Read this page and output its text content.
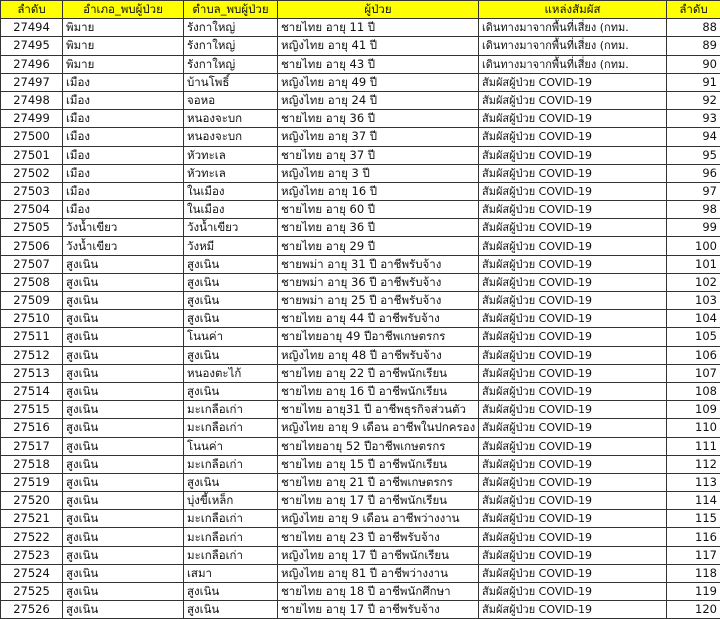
ลำดับ	อำเภอ_พบผู้ป่วย	ตำบล_พบผู้ป่วย	ผู้ป่วย	แหล่งสัมผัส	ลำดับ
27494	พิมาย	รังกาใหญ่	ชายไทย อายุ 11 ปี	เดินทางมาจากพื้นที่เสี่ยง (กทม.	88
27495	พิมาย	รังกาใหญ่	หญิงไทย อายุ 41 ปี	เดินทางมาจากพื้นที่เสี่ยง (กทม.	89
27496	พิมาย	รังกาใหญ่	ชายไทย อายุ 43 ปี	เดินทางมาจากพื้นที่เสี่ยง (กทม.	90
27497	เมือง	บ้านโพธิ์	หญิงไทย อายุ 49 ปี	สัมผัสผู้ป่วย COVID-19	91
27498	เมือง	จอหอ	หญิงไทย อายุ 24 ปี	สัมผัสผู้ป่วย COVID-19	92
27499	เมือง	หนองจะบก	ชายไทย อายุ 36 ปี	สัมผัสผู้ป่วย COVID-19	93
27500	เมือง	หนองจะบก	หญิงไทย อายุ 37 ปี	สัมผัสผู้ป่วย COVID-19	94
27501	เมือง	หัวทะเล	ชายไทย อายุ 37 ปี	สัมผัสผู้ป่วย COVID-19	95
27502	เมือง	หัวทะเล	หญิงไทย อายุ 3 ปี	สัมผัสผู้ป่วย COVID-19	96
27503	เมือง	ในเมือง	หญิงไทย อายุ 16 ปี	สัมผัสผู้ป่วย COVID-19	97
27504	เมือง	ในเมือง	ชายไทย อายุ 60 ปี	สัมผัสผู้ป่วย COVID-19	98
27505	วังน้ำเขียว	วังน้ำเขียว	ชายไทย อายุ 36 ปี	สัมผัสผู้ป่วย COVID-19	99
27506	วังน้ำเขียว	วังหมี	ชายไทย อายุ 29 ปี	สัมผัสผู้ป่วย COVID-19	100
27507	สูงเนิน	สูงเนิน	ชายพม่า อายุ 31 ปี อาชีพรับจ้าง	สัมผัสผู้ป่วย COVID-19	101
27508	สูงเนิน	สูงเนิน	ชายพม่า อายุ 36 ปี อาชีพรับจ้าง	สัมผัสผู้ป่วย COVID-19	102
27509	สูงเนิน	สูงเนิน	ชายพม่า อายุ 25 ปี อาชีพรับจ้าง	สัมผัสผู้ป่วย COVID-19	103
27510	สูงเนิน	สูงเนิน	ชายไทย อายุ 44 ปี อาชีพรับจ้าง	สัมผัสผู้ป่วย COVID-19	104
27511	สูงเนิน	โนนค่า	ชายไทยอายุ 49 ปีอาชีพเกษตรกร	สัมผัสผู้ป่วย COVID-19	105
27512	สูงเนิน	สูงเนิน	หญิงไทย อายุ 48 ปี อาชีพรับจ้าง	สัมผัสผู้ป่วย COVID-19	106
27513	สูงเนิน	หนองตะไก้	ชายไทย อายุ 22 ปี อาชีพนักเรียน	สัมผัสผู้ป่วย COVID-19	107
27514	สูงเนิน	สูงเนิน	ชายไทย อายุ 16 ปี อาชีพนักเรียน	สัมผัสผู้ป่วย COVID-19	108
27515	สูงเนิน	มะเกลือเก่า	ชายไทย อายุ31 ปี อาชีพธุรกิจส่วนตัว	สัมผัสผู้ป่วย COVID-19	109
27516	สูงเนิน	มะเกลือเก่า	หญิงไทย อายุ 9 เดือน อาชีพในปกครอง	สัมผัสผู้ป่วย COVID-19	110
27517	สูงเนิน	โนนค่า	ชายไทยอายุ 52 ปีอาชีพเกษตรกร	สัมผัสผู้ป่วย COVID-19	111
27518	สูงเนิน	มะเกลือเก่า	ชายไทย อายุ 15 ปี อาชีพนักเรียน	สัมผัสผู้ป่วย COVID-19	112
27519	สูงเนิน	สูงเนิน	ชายไทย อายุ 21 ปี อาชีพเกษตรกร	สัมผัสผู้ป่วย COVID-19	113
27520	สูงเนิน	บุ่งขี้เหล็ก	ชายไทย อายุ 17 ปี อาชีพนักเรียน	สัมผัสผู้ป่วย COVID-19	114
27521	สูงเนิน	มะเกลือเก่า	หญิงไทย อายุ 9 เดือน อาชีพว่างงาน	สัมผัสผู้ป่วย COVID-19	115
27522	สูงเนิน	มะเกลือเก่า	ชายไทย อายุ 23 ปี อาชีพรับจ้าง	สัมผัสผู้ป่วย COVID-19	116
27523	สูงเนิน	มะเกลือเก่า	หญิงไทย อายุ 17 ปี อาชีพนักเรียน	สัมผัสผู้ป่วย COVID-19	117
27524	สูงเนิน	เสมา	หญิงไทย อายุ 81 ปี อาชีพว่างงาน	สัมผัสผู้ป่วย COVID-19	118
27525	สูงเนิน	สูงเนิน	ชายไทย อายุ 18 ปี อาชีพนักศึกษา	สัมผัสผู้ป่วย COVID-19	119
27526	สูงเนิน	สูงเนิน	ชายไทย อายุ 17 ปี อาชีพรับจ้าง	สัมผัสผู้ป่วย COVID-19	120
